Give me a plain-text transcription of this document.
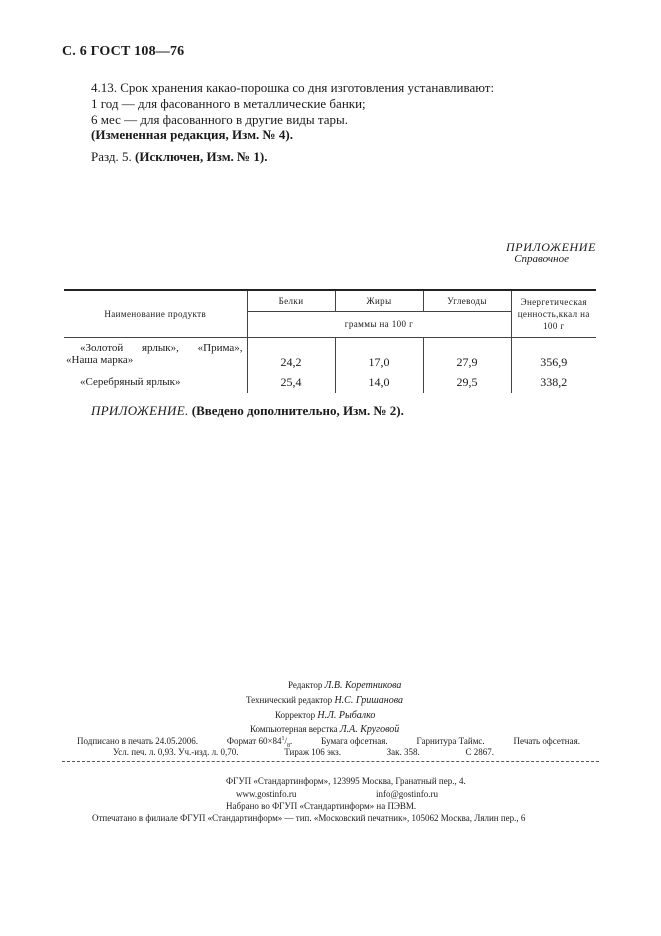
С. 6 ГОСТ 108—76
4.13. Срок хранения какао-порошка со дня изготовления устанавливают:
1 год — для фасованного в металлические банки;
6 мес — для фасованного в другие виды тары.
(Измененная редакция, Изм. № 4).
Разд. 5. (Исключен, Изм. № 1).
ПРИЛОЖЕНИЕ
Справочное
Наименование продуктв	Белки	Жиры	Углеводы	Энергетическая
ценность,ккал на
100 г

	граммы на 100 г			

«Золотой ярлык», «Прима»,
«Наша марка»	24,2	17,0	27,9	356,9
«Серебряный ярлык»	25,4	14,0	29,5	338,2
ПРИЛОЖЕНИЕ. (Введено дополнительно, Изм. № 2).
Редактор Л.В. Коретникова
Технический редактор Н.С. Гришанова
Корректор Н.Л. Рыбалко
Компьютерная верстка Л.А. Круговой
Подписано в печать 24.05.2006.	Формат $60\times 84^1/_8$.	Бумага офсетная.	Гарнитура Таймс.	Печать офсетная.
Усл. печ. л. 0,93. Уч.-изд. л. 0,70.	Тираж 106 экз.	Зак. 358.	С 2867.
ФГУП «Стандартинформ», 123995 Москва, Гранатный пер., 4.
www.gostinfo.ru	info@gostinfo.ru
Набрано во ФГУП «Стандартинформ» на ПЭВМ.
Отпечатано в филиале ФГУП «Стандартинформ» — тип. «Московский печатник», 105062 Москва, Лялин пер., 6
